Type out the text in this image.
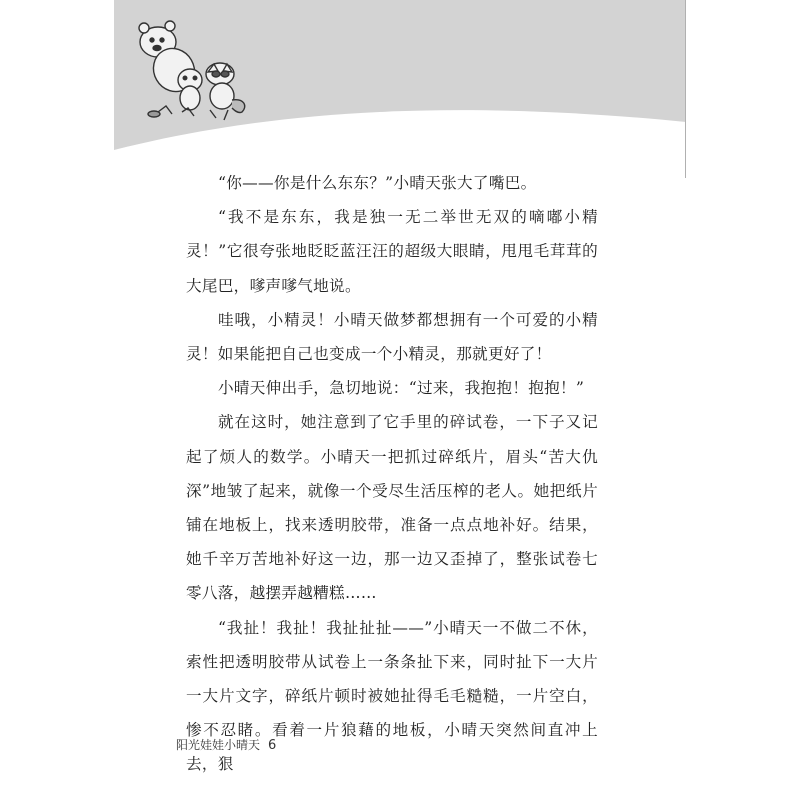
“你——你是什么东东？”小晴天张大了嘴巴。

“我不是东东，我是独一无二举世无双的嘀嘟小精灵！”它很夸张地眨眨蓝汪汪的超级大眼睛，甩甩毛茸茸的大尾巴，嗲声嗲气地说。

哇哦，小精灵！小晴天做梦都想拥有一个可爱的小精灵！如果能把自己也变成一个小精灵，那就更好了！

小晴天伸出手，急切地说：“过来，我抱抱！抱抱！”

就在这时，她注意到了它手里的碎试卷，一下子又记起了烦人的数学。小晴天一把抓过碎纸片，眉头“苦大仇深”地皱了起来，就像一个受尽生活压榨的老人。她把纸片铺在地板上，找来透明胶带，准备一点点地补好。结果，她千辛万苦地补好这一边，那一边又歪掉了，整张试卷七零八落，越摆弄越糟糕……

“我扯！我扯！我扯扯扯——”小晴天一不做二不休，索性把透明胶带从试卷上一条条扯下来，同时扯下一大片一大片文字，碎纸片顿时被她扯得毛毛糙糙，一片空白，惨不忍睹。看着一片狼藉的地板，小晴天突然间直冲上去，狠

阳光娃娃小晴天 6
